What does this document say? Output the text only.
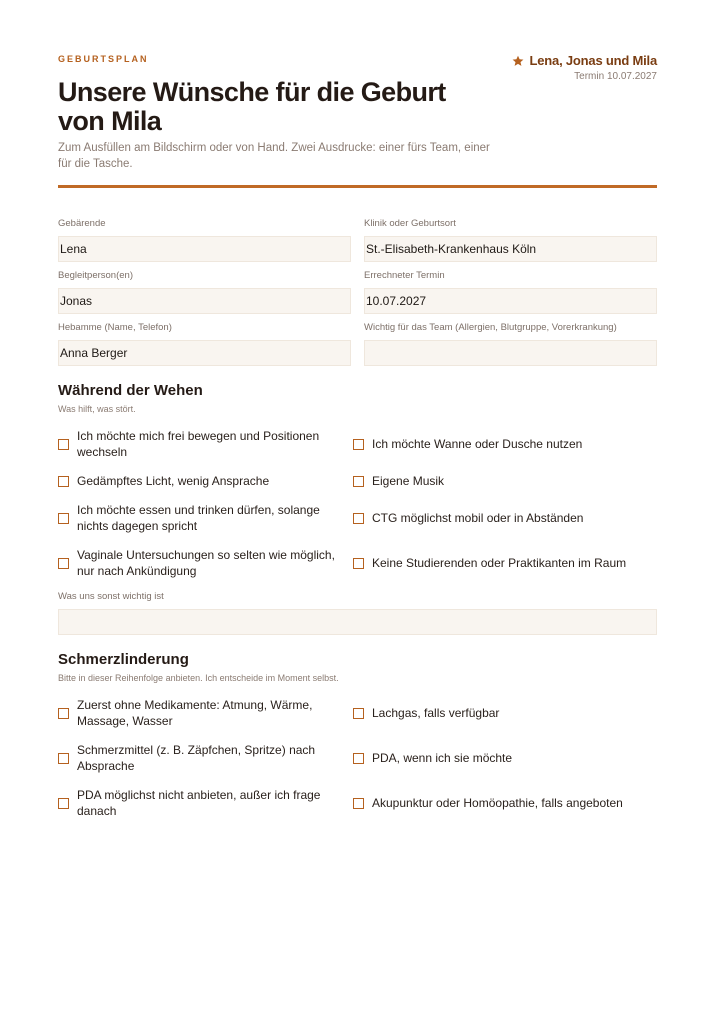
GEBURTSPLAN
Unsere Wünsche für die Geburt von Mila
Zum Ausfüllen am Bildschirm oder von Hand. Zwei Ausdrucke: einer fürs Team, einer für die Tasche.
Lena, Jonas und Mila
Termin 10.07.2027
Gebärende
Lena
Klinik oder Geburtsort
St.-Elisabeth-Krankenhaus Köln
Begleitperson(en)
Jonas
Errechneter Termin
10.07.2027
Hebamme (Name, Telefon)
Anna Berger
Wichtig für das Team (Allergien, Blutgruppe, Vorerkrankung)
Während der Wehen
Was hilft, was stört.
Ich möchte mich frei bewegen und Positionen wechseln
Ich möchte Wanne oder Dusche nutzen
Gedämpftes Licht, wenig Ansprache	Eigene Musik
Ich möchte essen und trinken dürfen, solange nichts dagegen spricht
CTG möglichst mobil oder in Abständen
Vaginale Untersuchungen so selten wie möglich, nur nach Ankündigung
Keine Studierenden oder Praktikanten im Raum
Was uns sonst wichtig ist
Schmerzlinderung
Bitte in dieser Reihenfolge anbieten. Ich entscheide im Moment selbst.
Zuerst ohne Medikamente: Atmung, Wärme, Massage, Wasser
Lachgas, falls verfügbar
Schmerzmittel (z. B. Zäpfchen, Spritze) nach Absprache
PDA, wenn ich sie möchte
PDA möglichst nicht anbieten, außer ich frage danach
Akupunktur oder Homöopathie, falls angeboten
